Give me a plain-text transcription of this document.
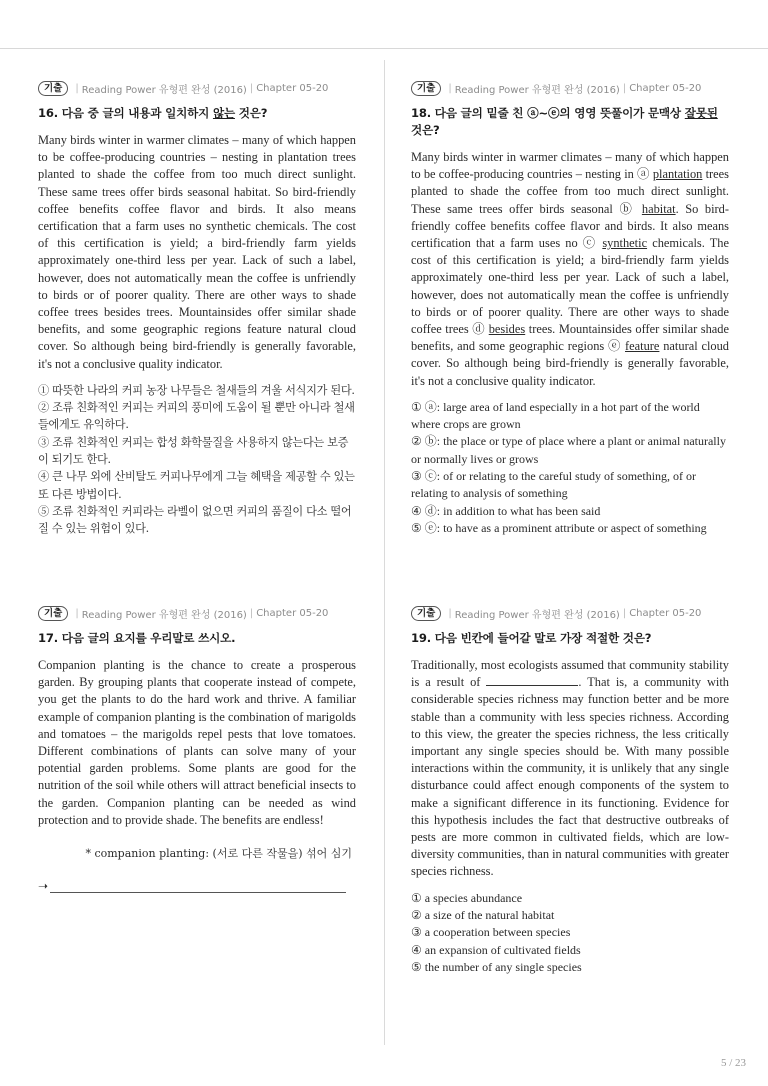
기출	| Reading Power 유형편 완성 (2016) | Chapter 05-20
16. 다음 중 글의 내용과 일치하지 않는 것은?
Many birds winter in warmer climates – many of which happen to be coffee-producing countries – nesting in plantation trees planted to shade the coffee from too much direct sunlight. These same trees offer birds seasonal habitat. So bird-friendly coffee benefits coffee flavor and birds. It also means certification that a farm uses no synthetic chemicals. The cost of this certification is yield; a bird-friendly farm yields approximately one-third less per year. Lack of such a label, however, does not automatically mean the coffee is unfriendly to birds or of poorer quality. There are other ways to shade coffee trees besides trees. Mountainsides offer similar shade benefits, and some geographic regions feature natural cloud cover. So although being bird-friendly is generally favorable, it's not a conclusive quality indicator.
① 따뜻한 나라의 커피 농장 나무들은 철새들의 겨울 서식지가 된다.
② 조류 친화적인 커피는 커피의 풍미에 도움이 될 뿐만 아니라 철새들에게도 유익하다.
③ 조류 친화적인 커피는 합성 화학물질을 사용하지 않는다는 보증이 되기도 한다.
④ 큰 나무 외에 산비탈도 커피나무에게 그늘 혜택을 제공할 수 있는 또 다른 방법이다.
⑤ 조류 친화적인 커피라는 라벨이 없으면 커피의 품질이 다소 떨어질 수 있는 위험이 있다.
기출	| Reading Power 유형편 완성 (2016) | Chapter 05-20
17. 다음 글의 요지를 우리말로 쓰시오.
Companion planting is the chance to create a prosperous garden. By grouping plants that cooperate instead of compete, you get the plants to do the hard work and thrive. A familiar example of companion planting is the combination of marigolds and tomatoes – the marigolds repel pests that love tomatoes. Different combinations of plants can solve many of your potential garden problems. Some plants are good for the nutrition of the soil while others will attract beneficial insects to the garden. Companion planting can be needed as wind protection and to provide shade. The benefits are endless!
* companion planting: (서로 다른 작물을) 섞어 심기
➝
기출	| Reading Power 유형편 완성 (2016) | Chapter 05-20
18. 다음 글의 밑줄 친 ⓐ~ⓔ의 영영 뜻풀이가 문맥상 잘못된 것은?
Many birds winter in warmer climates – many of which happen to be coffee-producing countries – nesting in ⓐ plantation trees planted to shade the coffee from too much direct sunlight. These same trees offer birds seasonal ⓑ habitat. So bird-friendly coffee benefits coffee flavor and birds. It also means certification that a farm uses no ⓒ synthetic chemicals. The cost of this certification is yield; a bird-friendly farm yields approximately one-third less per year. Lack of such a label, however, does not automatically mean the coffee is unfriendly to birds or of poorer quality. There are other ways to shade coffee trees ⓓ besides trees. Mountainsides offer similar shade benefits, and some geographic regions ⓔ feature natural cloud cover. So although being bird-friendly is generally favorable, it's not a conclusive quality indicator.
① ⓐ: large area of land especially in a hot part of the world where crops are grown
② ⓑ: the place or type of place where a plant or animal naturally or normally lives or grows
③ ⓒ: of or relating to the careful study of something, of or relating to analysis of something
④ ⓓ: in addition to what has been said
⑤ ⓔ: to have as a prominent attribute or aspect of something
기출	| Reading Power 유형편 완성 (2016) | Chapter 05-20
19. 다음 빈칸에 들어갈 말로 가장 적절한 것은?
Traditionally, most ecologists assumed that community stability is a result of	. That is, a community with considerable species richness may function better and be more stable than a community with less species richness. According to this view, the greater the species richness, the less critically important any single species should be. With many possible interactions within the community, it is unlikely that any single disturbance could affect enough components of the system to make a significant difference in its functioning. Evidence for this hypothesis includes the fact that destructive outbreaks of pests are more common in cultivated fields, which are low-diversity communities, than in natural communities with greater species richness.
① a species abundance
② a size of the natural habitat
③ a cooperation between species
④ an expansion of cultivated fields
⑤ the number of any single species
5 / 23
